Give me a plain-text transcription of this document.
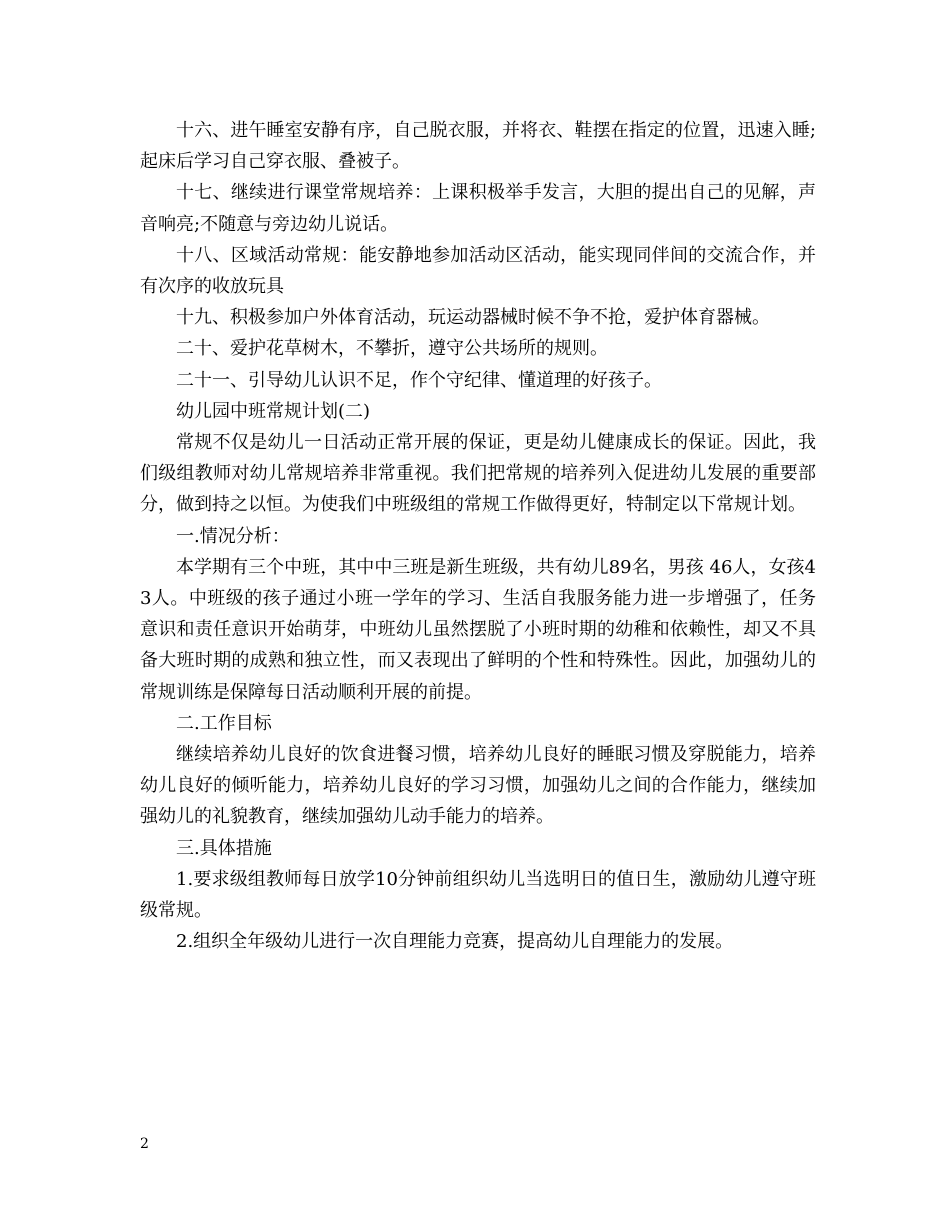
十六、进午睡室安静有序，自己脱衣服，并将衣、鞋摆在指定的位置，迅速入睡;起床后学习自己穿衣服、叠被子。

十七、继续进行课堂常规培养：上课积极举手发言，大胆的提出自己的见解，声音响亮;不随意与旁边幼儿说话。

十八、区域活动常规：能安静地参加活动区活动，能实现同伴间的交流合作，并有次序的收放玩具

十九、积极参加户外体育活动，玩运动器械时候不争不抢，爱护体育器械。

二十、爱护花草树木，不攀折，遵守公共场所的规则。

二十一、引导幼儿认识不足，作个守纪律、懂道理的好孩子。

幼儿园中班常规计划(二)

常规不仅是幼儿一日活动正常开展的保证，更是幼儿健康成长的保证。因此，我们级组教师对幼儿常规培养非常重视。我们把常规的培养列入促进幼儿发展的重要部分，做到持之以恒。为使我们中班级组的常规工作做得更好，特制定以下常规计划。

一.情况分析：

本学期有三个中班，其中中三班是新生班级，共有幼儿89名，男孩 46人，女孩43人。中班级的孩子通过小班一学年的学习、生活自我服务能力进一步增强了，任务意识和责任意识开始萌芽，中班幼儿虽然摆脱了小班时期的幼稚和依赖性，却又不具备大班时期的成熟和独立性，而又表现出了鲜明的个性和特殊性。因此，加强幼儿的常规训练是保障每日活动顺利开展的前提。

二.工作目标

继续培养幼儿良好的饮食进餐习惯，培养幼儿良好的睡眠习惯及穿脱能力，培养幼儿良好的倾听能力，培养幼儿良好的学习习惯，加强幼儿之间的合作能力，继续加强幼儿的礼貌教育，继续加强幼儿动手能力的培养。

三.具体措施

1.要求级组教师每日放学10分钟前组织幼儿当选明日的值日生，激励幼儿遵守班级常规。

2.组织全年级幼儿进行一次自理能力竞赛，提高幼儿自理能力的发展。

2
